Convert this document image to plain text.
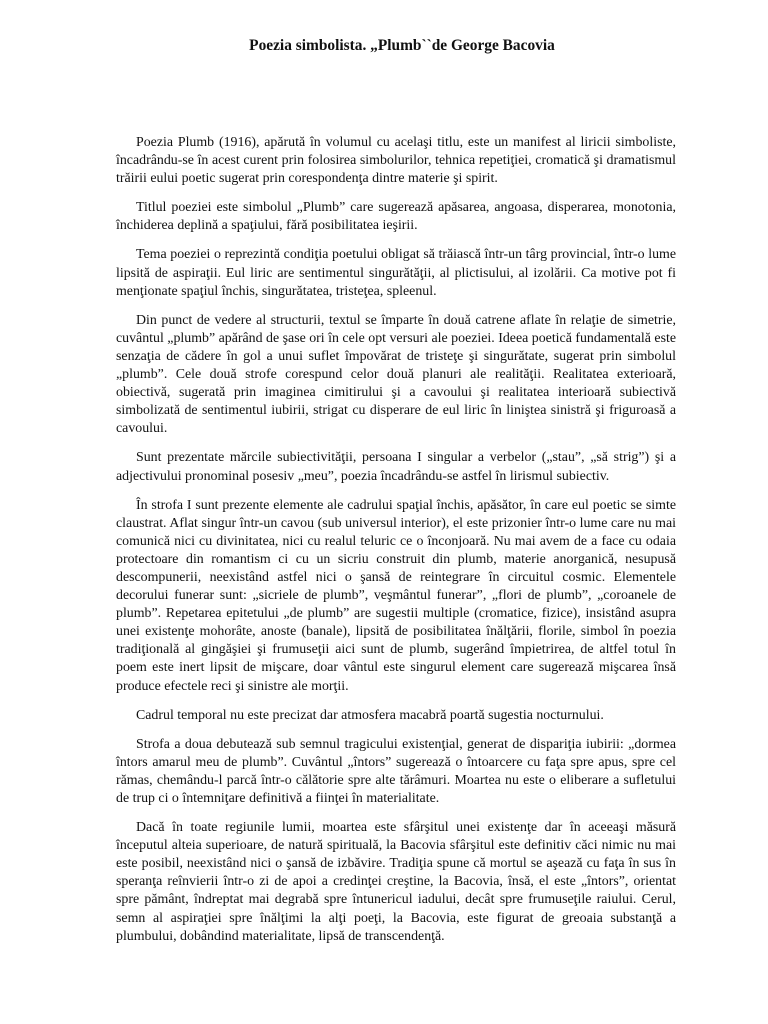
Poezia simbolista. „Plumb``de George Bacovia

Poezia Plumb (1916), apărută în volumul cu acelaşi titlu, este un manifest al liricii simboliste, încadrându-se în acest curent prin folosirea simbolurilor, tehnica repetiţiei, cromatică şi dramatismul trăirii eului poetic sugerat prin corespondenţa dintre materie şi spirit.

Titlul poeziei este simbolul „Plumb” care sugerează apăsarea, angoasa, disperarea, monotonia, închiderea deplină a spaţiului, fără posibilitatea ieşirii.

Tema poeziei o reprezintă condiţia poetului obligat să trăiască într-un târg provincial, într-o lume lipsită de aspiraţii. Eul liric are sentimentul singurătăţii, al plictisului, al izolării. Ca motive pot fi menţionate spaţiul închis, singurătatea, tristeţea, spleenul.

Din punct de vedere al structurii, textul se împarte în două catrene aflate în relaţie de simetrie, cuvântul „plumb” apărând de şase ori în cele opt versuri ale poeziei. Ideea poetică fundamentală este senzaţia de cădere în gol a unui suflet împovărat de tristeţe şi singurătate, sugerat prin simbolul „plumb”. Cele două strofe corespund celor două planuri ale realităţii. Realitatea exterioară, obiectivă, sugerată prin imaginea cimitirului şi a cavoului şi realitatea interioară subiectivă simbolizată de sentimentul iubirii, strigat cu disperare de eul liric în liniştea sinistră şi friguroasă a cavoului.

Sunt prezentate mărcile subiectivităţii, persoana I singular a verbelor („stau”, „să strig”) şi a adjectivului pronominal posesiv „meu”, poezia încadrându-se astfel în lirismul subiectiv.

În strofa I sunt prezente elemente ale cadrului spaţial închis, apăsător, în care eul poetic se simte claustrat. Aflat singur într-un cavou (sub universul interior), el este prizonier într-o lume care nu mai comunică nici cu divinitatea, nici cu realul teluric ce o înconjoară. Nu mai avem de a face cu odaia protectoare din romantism ci cu un sicriu construit din plumb, materie anorganică, nesupusă descompunerii, neexistând astfel nici o şansă de reintegrare în circuitul cosmic. Elementele decorului funerar sunt: „sicriele de plumb”, veşmântul funerar”, „flori de plumb”, „coroanele de plumb”. Repetarea epitetului „de plumb” are sugestii multiple (cromatice, fizice), insistând asupra unei existenţe mohorâte, anoste (banale), lipsită de posibilitatea înălţării, florile, simbol în poezia tradiţională al gingăşiei şi frumuseţii aici sunt de plumb, sugerând împietrirea, de altfel totul în poem este inert lipsit de mişcare, doar vântul este singurul element care sugerează mişcarea însă produce efectele reci şi sinistre ale morţii.

Cadrul temporal nu este precizat dar atmosfera macabră poartă sugestia nocturnului.

Strofa a doua debutează sub semnul tragicului existenţial, generat de dispariţia iubirii: „dormea întors amarul meu de plumb”. Cuvântul „întors” sugerează o întoarcere cu faţa spre apus, spre cel rămas, chemându-l parcă într-o călătorie spre alte tărâmuri. Moartea nu este o eliberare a sufletului de trup ci o întemniţare definitivă a fiinţei în materialitate.

Dacă în toate regiunile lumii, moartea este sfârşitul unei existenţe dar în aceeaşi măsură începutul alteia superioare, de natură spirituală, la Bacovia sfârşitul este definitiv căci nimic nu mai este posibil, neexistând nici o şansă de izbăvire. Tradiţia spune că mortul se aşează cu faţa în sus în speranţa reînvierii într-o zi de apoi a credinţei creştine, la Bacovia, însă, el este „întors”, orientat spre pământ, îndreptat mai degrabă spre întunericul iadului, decât spre frumuseţile raiului. Cerul, semn al aspiraţiei spre înălţimi la alţi poeţi, la Bacovia, este figurat de greoaia substanţă a plumbului, dobândind materialitate, lipsă de transcendenţă.
